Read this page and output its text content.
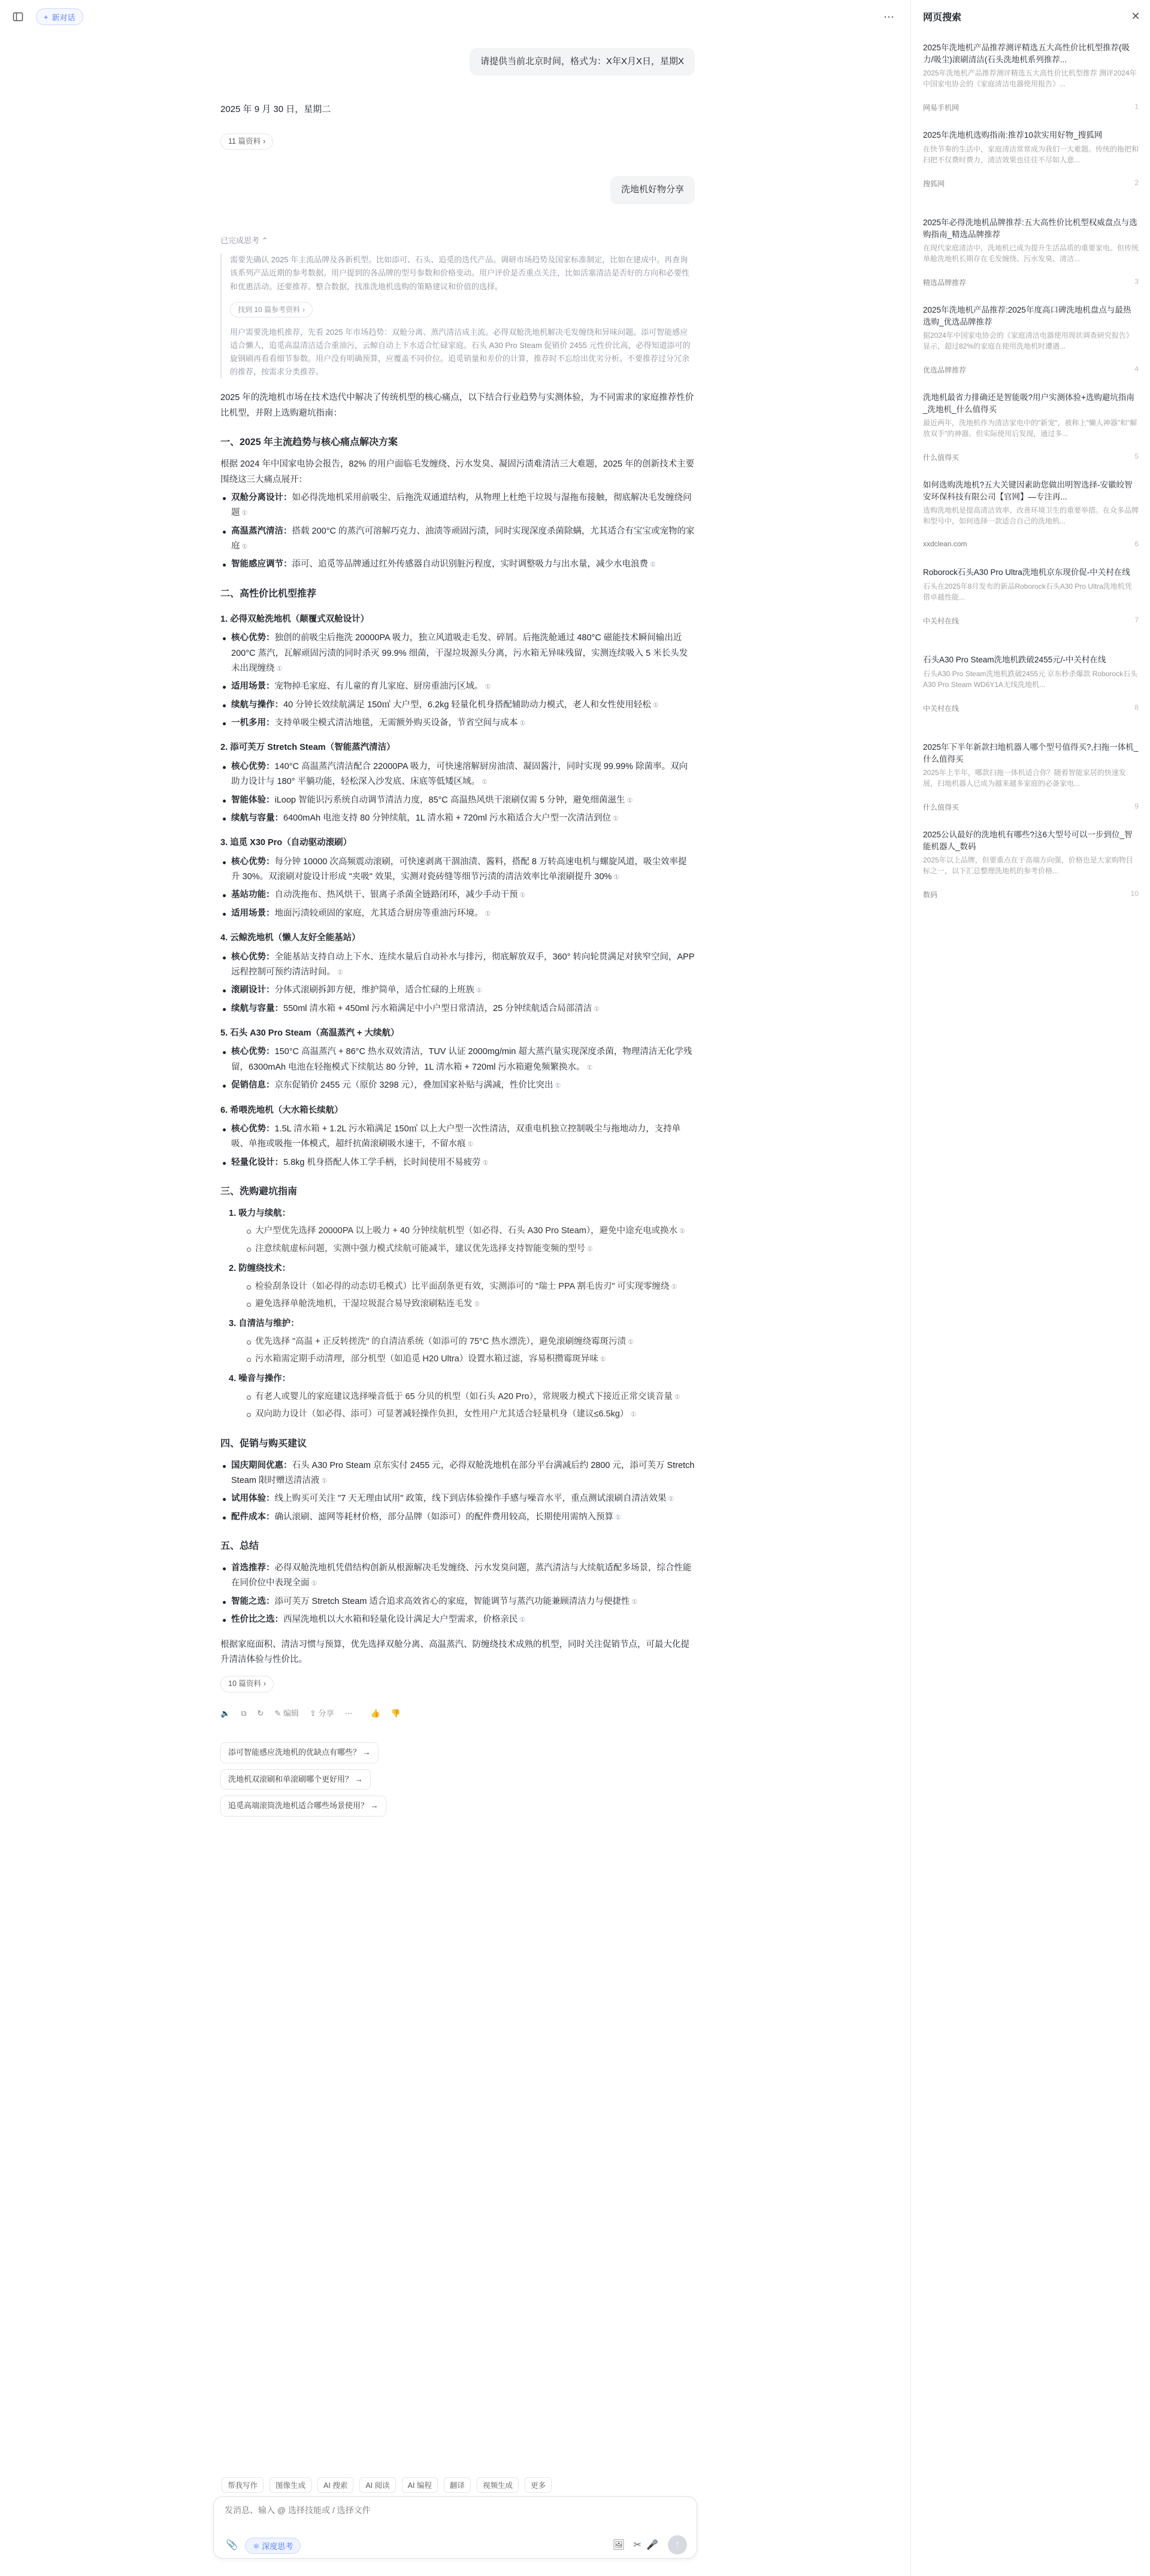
+ 新对话	⋯
请提供当前北京时间，格式为：X年X月X日，星期X
2025 年 9 月 30 日，星期二
11 篇资料 ›
洗地机好物分享
已完成思考 ⌃

需要先确认 2025 年主流品牌及各新机型。比如添可、石头、追觅的迭代产品。调研市场趋势及国家标准制定，比如在建成中。再查询该系列产品近期的参考数据。用户提到的各品牌的型号参数和价格变动。用户评价是否重点关注，比如活塞清洁是否好的方向和必要性和优惠活动。还要推荐。整合数据，找准洗地机选购的策略建议和价值的选择。

找到 10 篇参考资料 ›

用户需要洗地机推荐，先看 2025 年市场趋势：双舱分离、蒸汽清洁成主流。必得双舱洗地机解决毛发缠绕和异味问题。添可智能感应适合懒人，追觅高温清洁适合重油污，云鲸自动上下水适合忙碌家庭。石头 A30 Pro Steam 促销价 2455 元性价比高，必得知道添可的旋钢刷再看看细节参数。用户没有明确预算，应覆盖不同价位。追觅销量和差价的计算，推荐时不忘给出优劣分析。不要推荐过分冗余的推荐，按需求分类推荐。

2025 年的洗地机市场在技术迭代中解决了传统机型的核心痛点，以下结合行业趋势与实测体验，为不同需求的家庭推荐性价比机型，并附上选购避坑指南：

一、2025 年主流趋势与核心痛点解决方案

根据 2024 年中国家电协会报告，82% 的用户面临毛发缠绕、污水发臭、凝固污渍难清洁三大难题，2025 年的创新技术主要围绕这三大痛点展开：

双舱分离设计：如必得洗地机采用前吸尘、后拖洗双通道结构，从物理上杜绝干垃圾与湿拖布接触，彻底解决毛发缠绕问题 ①
高温蒸汽清洁：搭载 200°C 的蒸汽可溶解巧克力、油渍等顽固污渍，同时实现深度杀菌除螨，尤其适合有宝宝或宠物的家庭 ①
智能感应调节：添可、追觅等品牌通过红外传感器自动识别脏污程度，实时调整吸力与出水量，减少水电浪费 ①
二、高性价比机型推荐
1. 必得双舱洗地机（颠覆式双舱设计）
核心优势：独创的前吸尘后拖洗 20000PA 吸力，独立风道吸走毛发、碎屑。后拖洗舱通过 480°C 磁能技术瞬间输出近 200°C 蒸汽，瓦解顽固污渍的同时杀灭 99.9% 细菌，干湿垃圾源头分离，污水箱无异味残留，实测连续吸入 5 米长头发未出现缠绕 ①
适用场景：宠物掉毛家庭、有儿童的育儿家庭、厨房重油污区域。 ①
续航与操作：40 分钟长效续航满足 150㎡ 大户型，6.2kg 轻量化机身搭配辅助动力模式，老人和女性使用轻松 ①
一机多用：支持单吸尘模式清洁地毯，无需额外购买设备，节省空间与成本 ①
2. 添可芙万 Stretch Steam（智能蒸汽清洁）
核心优势：140°C 高温蒸汽清洁配合 22000PA 吸力，可快速溶解厨房油渍、凝固酱汁，同时实现 99.99% 除菌率。双向助力设计与 180° 平躺功能，轻松深入沙发底、床底等低矮区域。 ①
智能体验：iLoop 智能识污系统自动调节清洁力度，85°C 高温热风烘干滚刷仅需 5 分钟，避免细菌滋生 ①
续航与容量：6400mAh 电池支持 80 分钟续航，1L 清水箱 + 720ml 污水箱适合大户型一次清洁到位 ①
3. 追觅 X30 Pro（自动驱动滚刷）
核心优势：每分钟 10000 次高频震动滚刷，可快速剥离干涸油渍、酱料，搭配 8 万转高速电机与螺旋风道，吸尘效率提升 30%。双滚刷对旋设计形成 "夹吸" 效果，实测对瓷砖缝等细节污渍的清洁效率比单滚刷提升 30% ①
基站功能：自动洗拖布、热风烘干、银离子杀菌全链路闭环，减少手动干预 ①
适用场景：地面污渍较顽固的家庭，尤其适合厨房等重油污环境。 ①
4. 云鲸洗地机（懒人友好全能基站）
核心优势：全能基站支持自动上下水、连续水量后自动补水与排污，彻底解放双手，360° 转向轮贯满足对狭窄空间，APP 远程控制可预约清洁时间。 ①
滚刷设计：分体式滚刷拆卸方便，维护简单，适合忙碌的上班族 ①
续航与容量：550ml 清水箱 + 450ml 污水箱满足中小户型日常清洁，25 分钟续航适合局部清洁 ①
5. 石头 A30 Pro Steam（高温蒸汽 + 大续航）
核心优势：150°C 高温蒸汽 + 86°C 热水双效清洁，TUV 认证 2000mg/min 超大蒸汽量实现深度杀菌，物理清洁无化学残留，6300mAh 电池在轻拖模式下续航达 80 分钟，1L 清水箱 + 720ml 污水箱避免频繁换水。 ①
促销信息：京东促销价 2455 元（原价 3298 元），叠加国家补贴与满减，性价比突出 ①
6. 希喂洗地机（大水箱长续航）
核心优势：1.5L 清水箱 + 1.2L 污水箱满足 150㎡ 以上大户型一次性清洁，双重电机独立控制吸尘与拖地动力，支持单吸、单拖或吸拖一体模式，超纤抗菌滚刷吸水速干，不留水痕 ①
轻量化设计：5.8kg 机身搭配人体工学手柄，长时间使用不易疲劳 ①
三、洗购避坑指南
1. 吸力与续航：
大户型优先选择 20000PA 以上吸力 + 40 分钟续航机型（如必得、石头 A30 Pro Steam），避免中途充电或换水 ①
注意续航虚标问题，实测中强力模式续航可能减半，建议优先选择支持智能变频的型号 ①
2. 防缠绕技术：
检验刮条设计（如必得的动态切毛模式）比平面刮条更有效，实测添可的 "瑞士 PPA 割毛齿刃" 可实现零缠绕 ①
避免选择单舱洗地机，干湿垃圾混合易导致滚刷粘连毛发 ①
3. 自清洁与维护：
优先选择 "高温 + 正反转搓洗" 的自清洁系统（如添可的 75°C 热水漂洗），避免滚刷缠绕霉斑污渍 ①
污水箱需定期手动清理，部分机型（如追觅 H20 Ultra）设置水箱过滤，容易积攒霉斑异味 ①
4. 噪音与操作：
有老人或婴儿的家庭建议选择噪音低于 65 分贝的机型（如石头 A20 Pro），常规吸力模式下接近正常交谈音量 ①
双向助力设计（如必得、添可）可显著减轻操作负担，女性用户尤其适合轻量机身（建议≤6.5kg） ①
四、促销与购买建议
国庆期间优惠：石头 A30 Pro Steam 京东实付 2455 元，必得双舱洗地机在部分平台满减后约 2800 元，添可芙万 Stretch Steam 限时赠送清洁液 ①
试用体验：线上购买可关注 "7 天无理由试用" 政策，线下到店体验操作手感与噪音水平，重点测试滚刷自清洁效果 ①
配件成本：确认滚刷、滤网等耗材价格，部分品牌（如添可）的配件费用较高，长期使用需纳入预算 ①
五、总结
首选推荐：必得双舱洗地机凭借结构创新从根源解决毛发缠绕、污水发臭问题，蒸汽清洁与大续航适配多场景，综合性能在同价位中表现全面 ①
智能之选：添可芙万 Stretch Steam 适合追求高效省心的家庭，智能调节与蒸汽功能兼顾清洁力与便捷性 ①
性价比之选：西屋洗地机以大水箱和轻量化设计满足大户型需求，价格亲民 ①

根据家庭面积、清洁习惯与预算，优先选择双舱分离、高温蒸汽、防缠绕技术成熟的机型，同时关注促销节点，可最大化提升清洁体验与性价比。

10 篇资料 ›
🔈 ⧉ ↻ ✎ 编辑 ⇪ 分享 ⋯ 👍 👎
添可智能感应洗地机的优缺点有哪些？ →
洗地机双滚刷和单滚刷哪个更好用？ →
追觅高端滚筒洗地机适合哪些场景使用？ →
帮我写作	图像生成	AI 搜索	AI 阅读	AI 编程	翻译	视频生成	更多
发消息、输入 @ 选择技能或 / 选择文件
📎	⚛ 深度思考	🖼 ✂ 🎤 ↑
网页搜索	✕
2025年洗地机产品推荐测评精选五大高性价比机型推荐(吸力/吸尘)滚刷清洁(石头洗地机系列推荐...
2025年洗地机产品推荐测评精选五大高性价比机型推荐 测评2024年中国家电协会的《家庭清洁电器使用报告》...
网易手机网	1
2025年洗地机选购指南:推荐10款实用好物_搜狐网
在快节奏的生活中，家庭清洁常常成为我们一大难题。传统的拖把和扫把不仅费时费力，清洁效果也往往不尽如人意...
搜狐网	2
2025年必得洗地机品牌推荐:五大高性价比机型权威盘点与选购指南_精选品牌推荐
在现代家庭清洁中，洗地机已成为提升生活品质的重要家电。但传统单舱洗地机长期存在毛发缠绕、污水发臭、清洁...
精选品牌推荐	3
2025年洗地机产品推荐:2025年度高口碑洗地机盘点与最热选购_优选品牌推荐
据2024年中国家电协会的《家庭清洁电器使用现状调查研究报告》显示，超过82%的家庭在使用洗地机时遭遇...
优选品牌推荐	4
洗地机最省力排确还是智能吸?用户实测体验+选购避坑指南_洗地机_什么值得买
最近两年，洗地机作为清洁家电中的"新宠"，被称上"懒人神器"和"解放双手"的神器。但实际使用后发现，通过多...
什么值得买	5
如何选购洗地机?五大关键因素助您做出明智选择-安徽皎智安环保科技有限公司【官网】—专注再...
选购洗地机是提高清洁效率、改善环境卫生的重要举措。在众多品牌和型号中，如何选择一款适合自己的洗地机...
xxdclean.com	6
Roborock石头A30 Pro Ultra洗地机京东现价促-中关村在线
石头在2025年8月发布的新品Roborock石头A30 Pro Ultra洗地机凭借卓越性能...
中关村在线	7
石头A30 Pro Steam洗地机跌破2455元/-中关村在线
石头A30 Pro Steam洗地机跌破2455元 京东秒杀爆款 Roborock石头A30 Pro Steam WD6Y1A无线洗地机...
中关村在线	8
2025年下半年新款扫地机器人哪个型号值得买?,扫拖一体机_什么值得买
2025年上半年，哪款扫拖一体机适合你？随着智能家居的快速发展，扫地机器人已成为越来越多家庭的必备家电...
什么值得买	9
2025公认最好的洗地机有哪些?这6大型号可以一步到位_智能机器人_数码
2025年以上品牌，但要重点在于高端方向强，价格也是大家购物目标之一，以下汇总整理洗地机的参考价格...
数码	10
